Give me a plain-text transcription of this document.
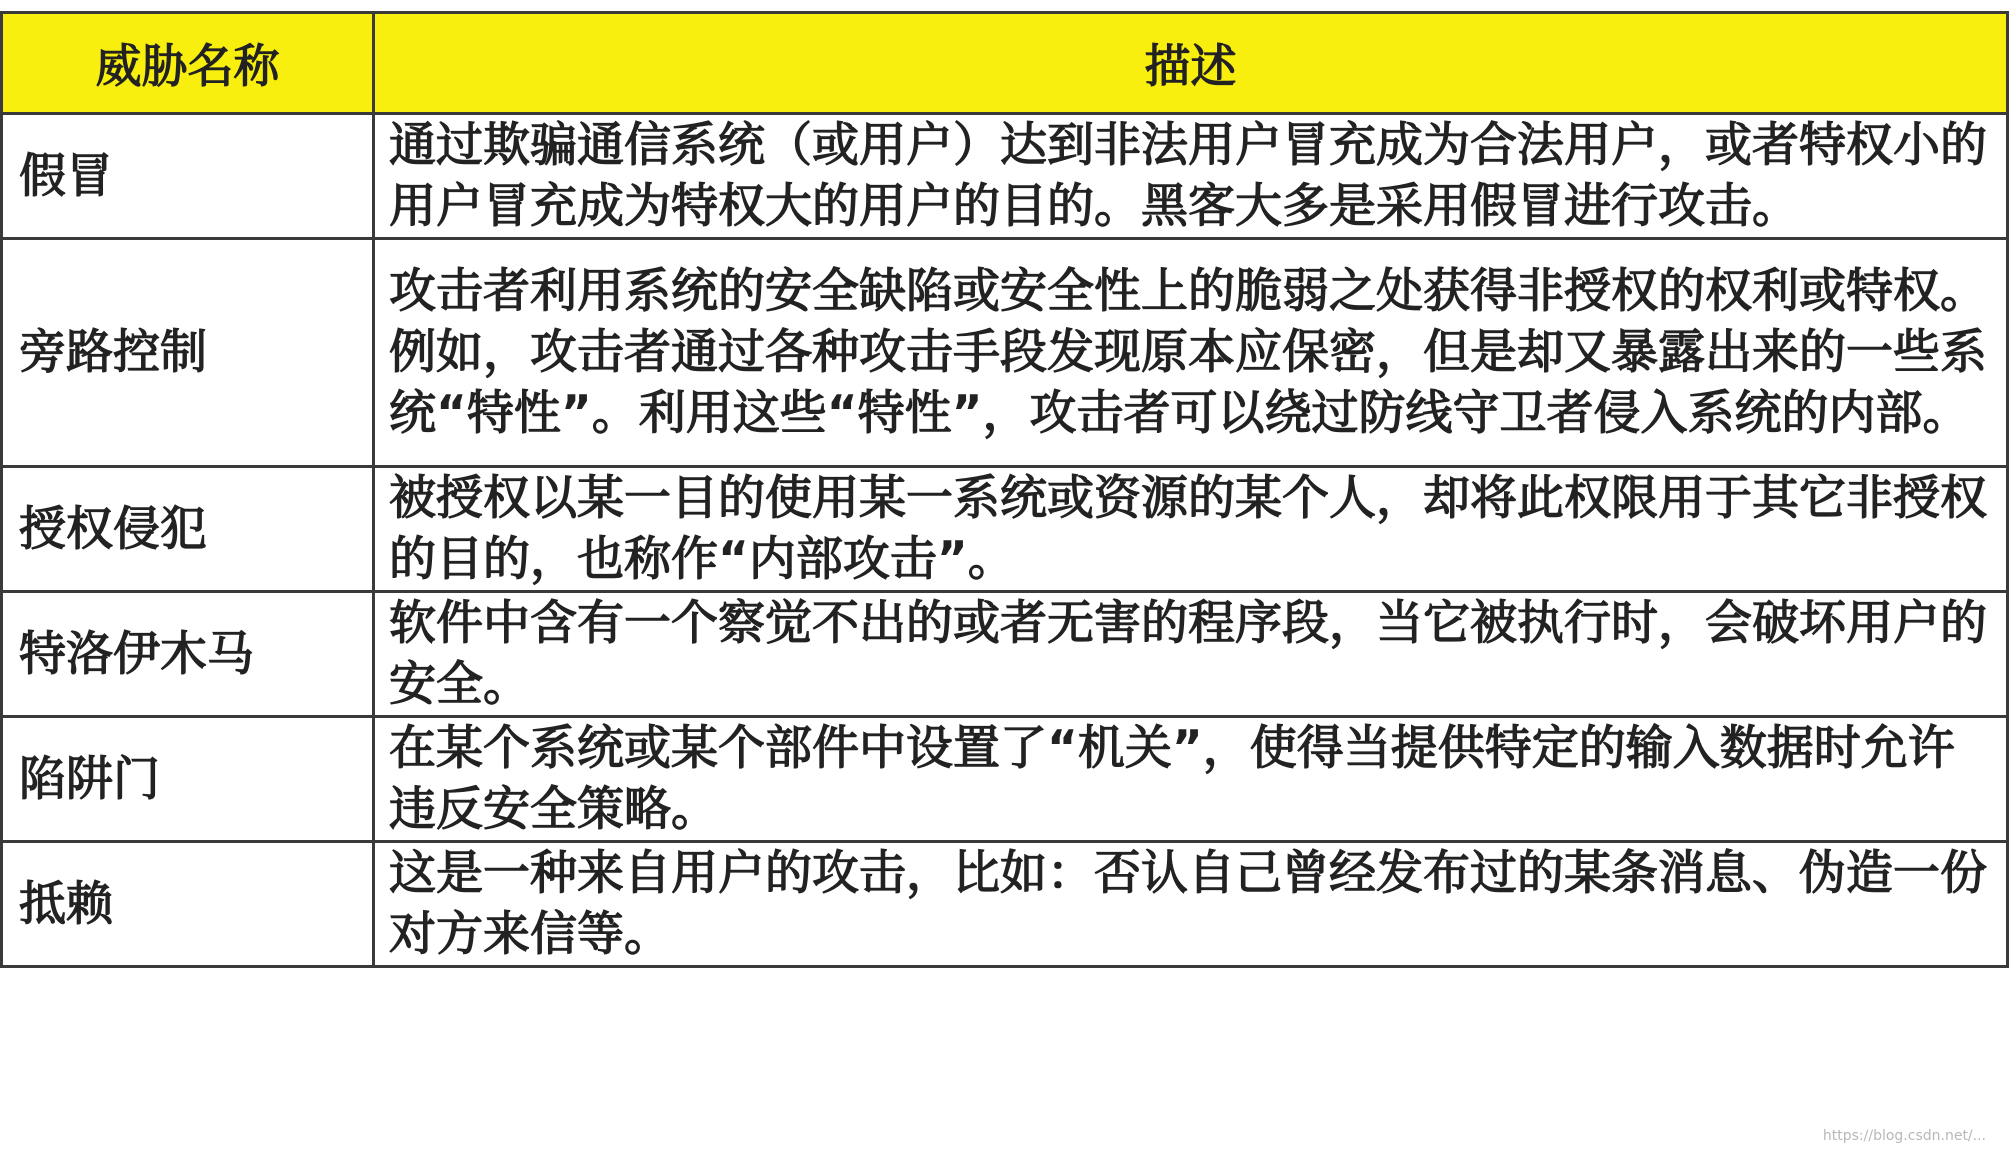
威胁名称	描述
假冒	通过欺骗通信系统（或用户）达到非法用户冒充成为合法用户，或者特权小的用户冒充成为特权大的用户的目的。黑客大多是采用假冒进行攻击。
旁路控制	攻击者利用系统的安全缺陷或安全性上的脆弱之处获得非授权的权利或特权。例如，攻击者通过各种攻击手段发现原本应保密，但是却又暴露出来的一些系统“特性”。利用这些“特性”，攻击者可以绕过防线守卫者侵入系统的内部。
授权侵犯	被授权以某一目的使用某一系统或资源的某个人，却将此权限用于其它非授权的目的，也称作“内部攻击”。
特洛伊木马	软件中含有一个察觉不出的或者无害的程序段，当它被执行时，会破坏用户的安全。
陷阱门	在某个系统或某个部件中设置了“机关”，使得当提供特定的输入数据时允许违反安全策略。
抵赖	这是一种来自用户的攻击，比如：否认自己曾经发布过的某条消息、伪造一份对方来信等。
https://blog.csdn.net/...
